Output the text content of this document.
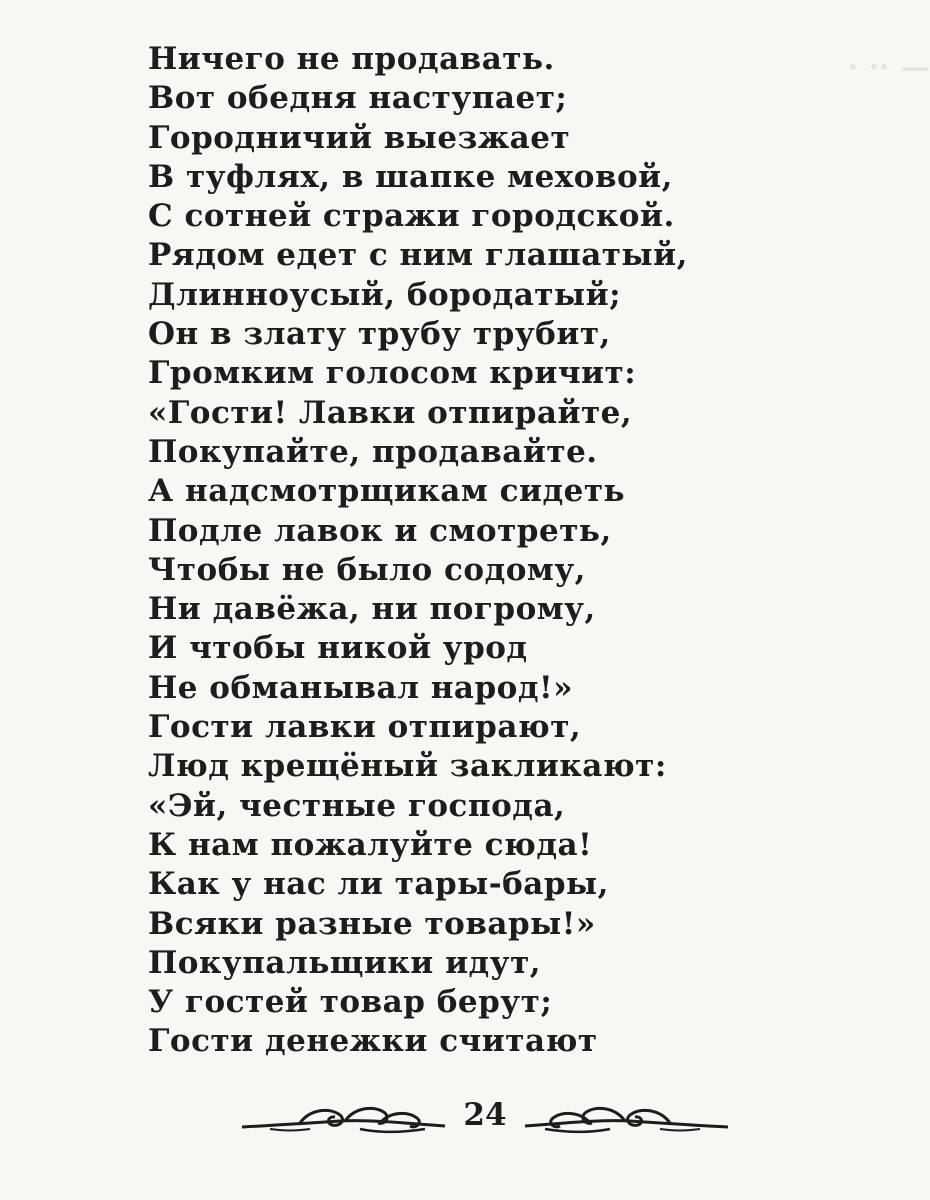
— ·· ·
Ничего не продавать.
Вот обедня наступает;
Городничий выезжает
В туфлях, в шапке меховой,
С сотней стражи городской.
Рядом едет с ним глашатый,
Длинноусый, бородатый;
Он в злату трубу трубит,
Громким голосом кричит:
«Гости! Лавки отпирайте,
Покупайте, продавайте.
А надсмотрщикам сидеть
Подле лавок и смотреть,
Чтобы не было содому,
Ни давёжа, ни погрому,
И чтобы никой урод
Не обманывал народ!»
Гости лавки отпирают,
Люд крещёный закликают:
«Эй, честные господа,
К нам пожалуйте сюда!
Как у нас ли тары-бары,
Всяки разные товары!»
Покупальщики идут,
У гостей товар берут;
Гости денежки считают
24
